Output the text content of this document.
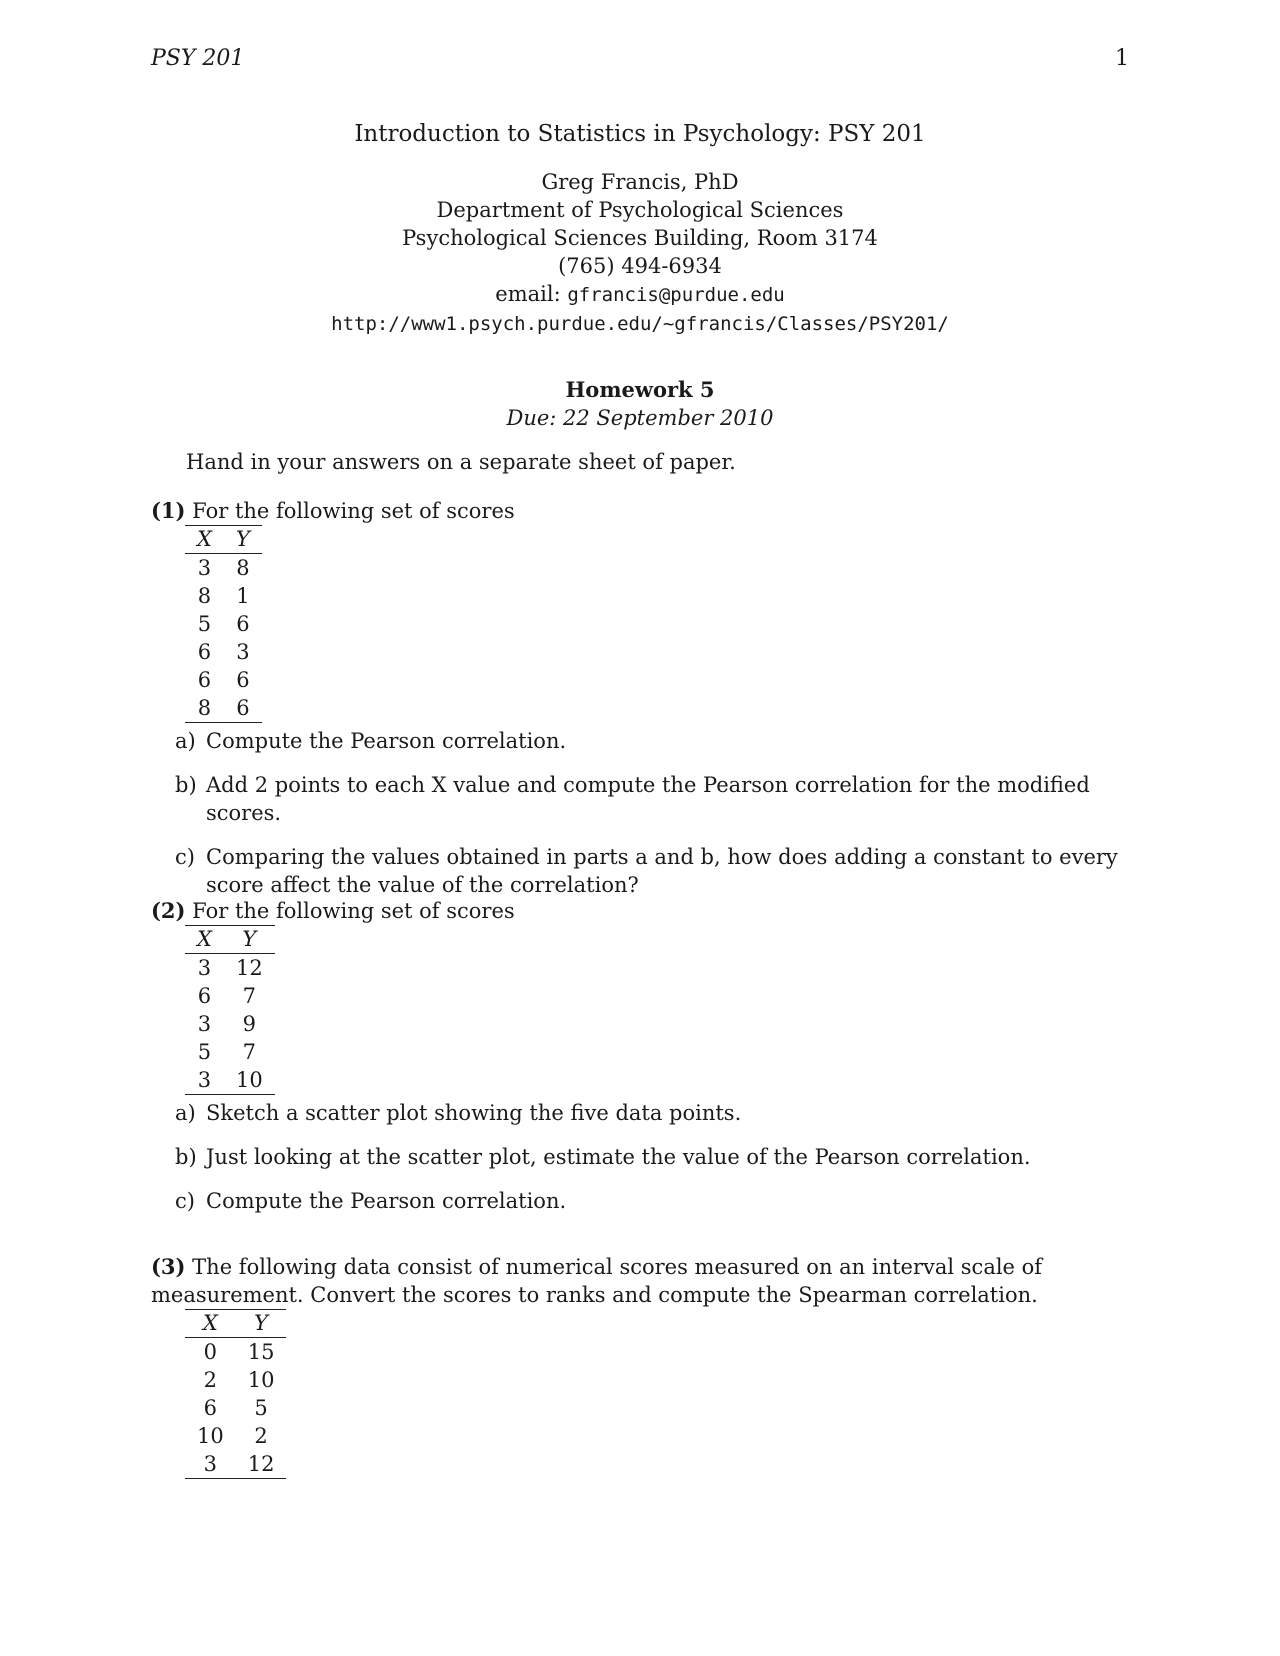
PSY 201	1
Introduction to Statistics in Psychology: PSY 201
Greg Francis, PhD
Department of Psychological Sciences
Psychological Sciences Building, Room 3174
(765) 494-6934
email: gfrancis@purdue.edu
http://www1.psych.purdue.edu/~gfrancis/Classes/PSY201/
Homework 5
Due: 22 September 2010
Hand in your answers on a separate sheet of paper.
(1) For the following set of scores
X	Y
3	8
8	1
5	6
6	3
6	6
8	6
a) Compute the Pearson correlation.
b) Add 2 points to each X value and compute the Pearson correlation for the modified scores.
c) Comparing the values obtained in parts a and b, how does adding a constant to every score affect the value of the correlation?
(2) For the following set of scores
X	Y
3	12
6	7
3	9
5	7
3	10
a) Sketch a scatter plot showing the five data points.
b) Just looking at the scatter plot, estimate the value of the Pearson correlation.
c) Compute the Pearson correlation.
(3) The following data consist of numerical scores measured on an interval scale of measurement. Convert the scores to ranks and compute the Spearman correlation.
X	Y
0	15
2	10
6	5
10	2
3	12
